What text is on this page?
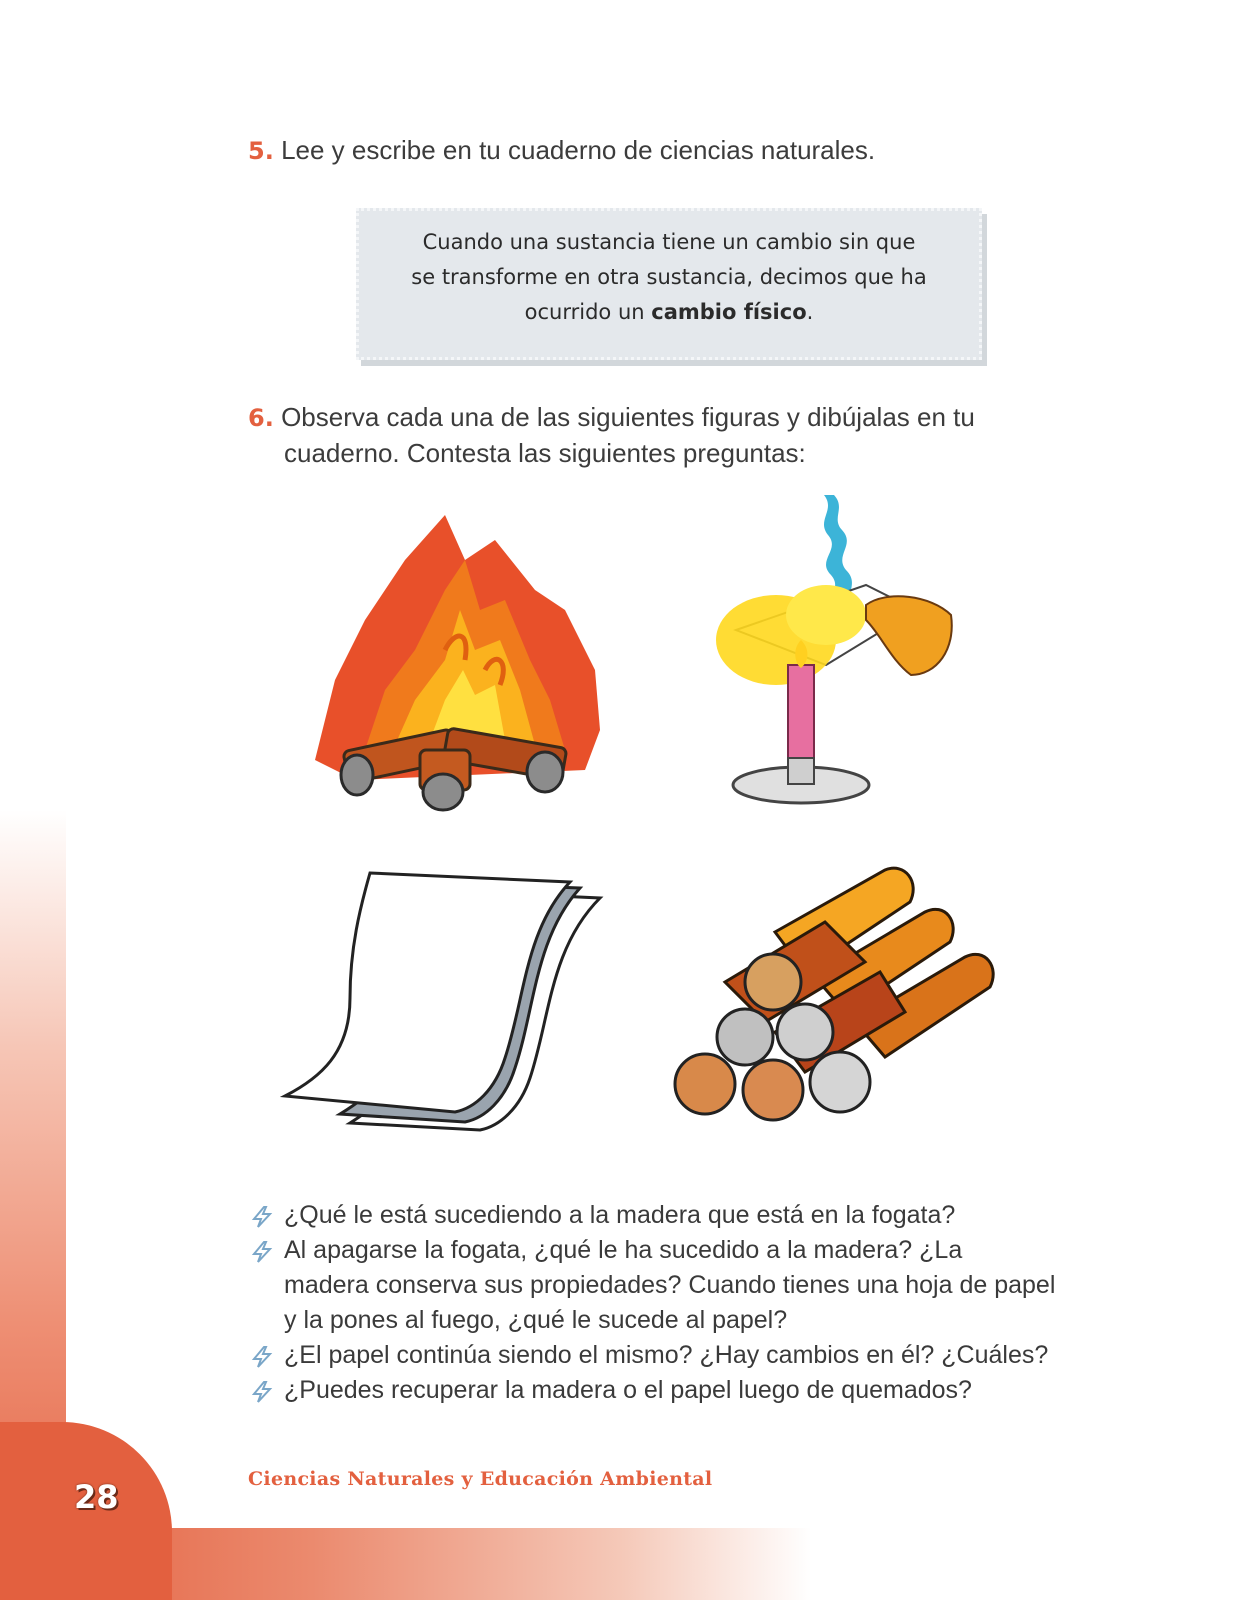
28	Ciencias Naturales y Educación Ambiental
5. Lee y escribe en tu cuaderno de ciencias naturales.
Cuando una sustancia tiene un cambio sin que
se transforme en otra sustancia, decimos que ha
ocurrido un cambio físico.
6. Observa cada una de las siguientes figuras y dibújalas en tu
cuaderno. Contesta las siguientes preguntas:
¿Qué le está sucediendo a la madera que está en la fogata?
Al apagarse la fogata, ¿qué le ha sucedido a la madera? ¿La
madera conserva sus propiedades? Cuando tienes una hoja de papel
y la pones al fuego, ¿qué le sucede al papel?
¿El papel continúa siendo el mismo? ¿Hay cambios en él? ¿Cuáles?
¿Puedes recuperar la madera o el papel luego de quemados?
